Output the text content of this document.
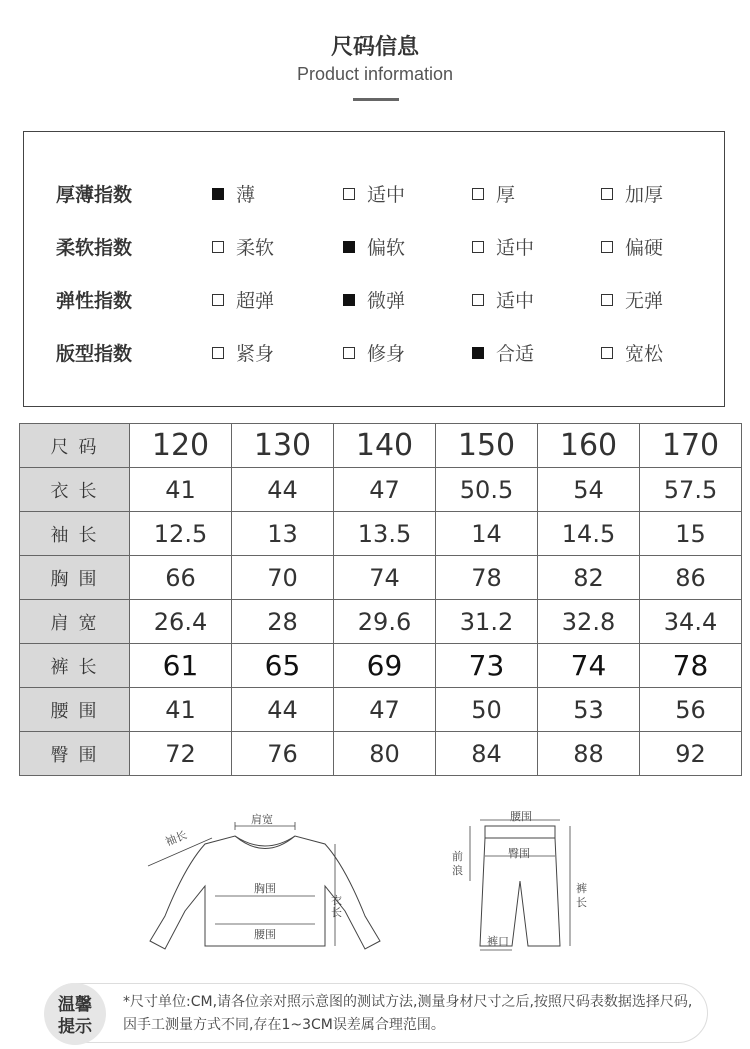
尺码信息
Product information
厚薄指数	薄	适中	厚	加厚
柔软指数	柔软	偏软	适中	偏硬
弹性指数	超弹	微弹	适中	无弹
版型指数	紧身	修身	合适	宽松
尺码	120	130	140	150	160	170
衣长	41	44	47	50.5	54	57.5
袖长	12.5	13	13.5	14	14.5	15
胸围	66	70	74	78	82	86
肩宽	26.4	28	29.6	31.2	32.8	34.4
裤长	61	65	69	73	74	78
腰围	41	44	47	50	53	56
臀围	72	76	80	84	88	92
肩宽
袖长
胸围
衣长
腰围
腰围
臀围
前浪
裤长
裤口
温馨
提示
*尺寸单位:CM,请各位亲对照示意图的测试方法,测量身材尺寸之后,按照尺码表数据选择尺码,因手工测量方式不同,存在1~3CM误差属合理范围。
